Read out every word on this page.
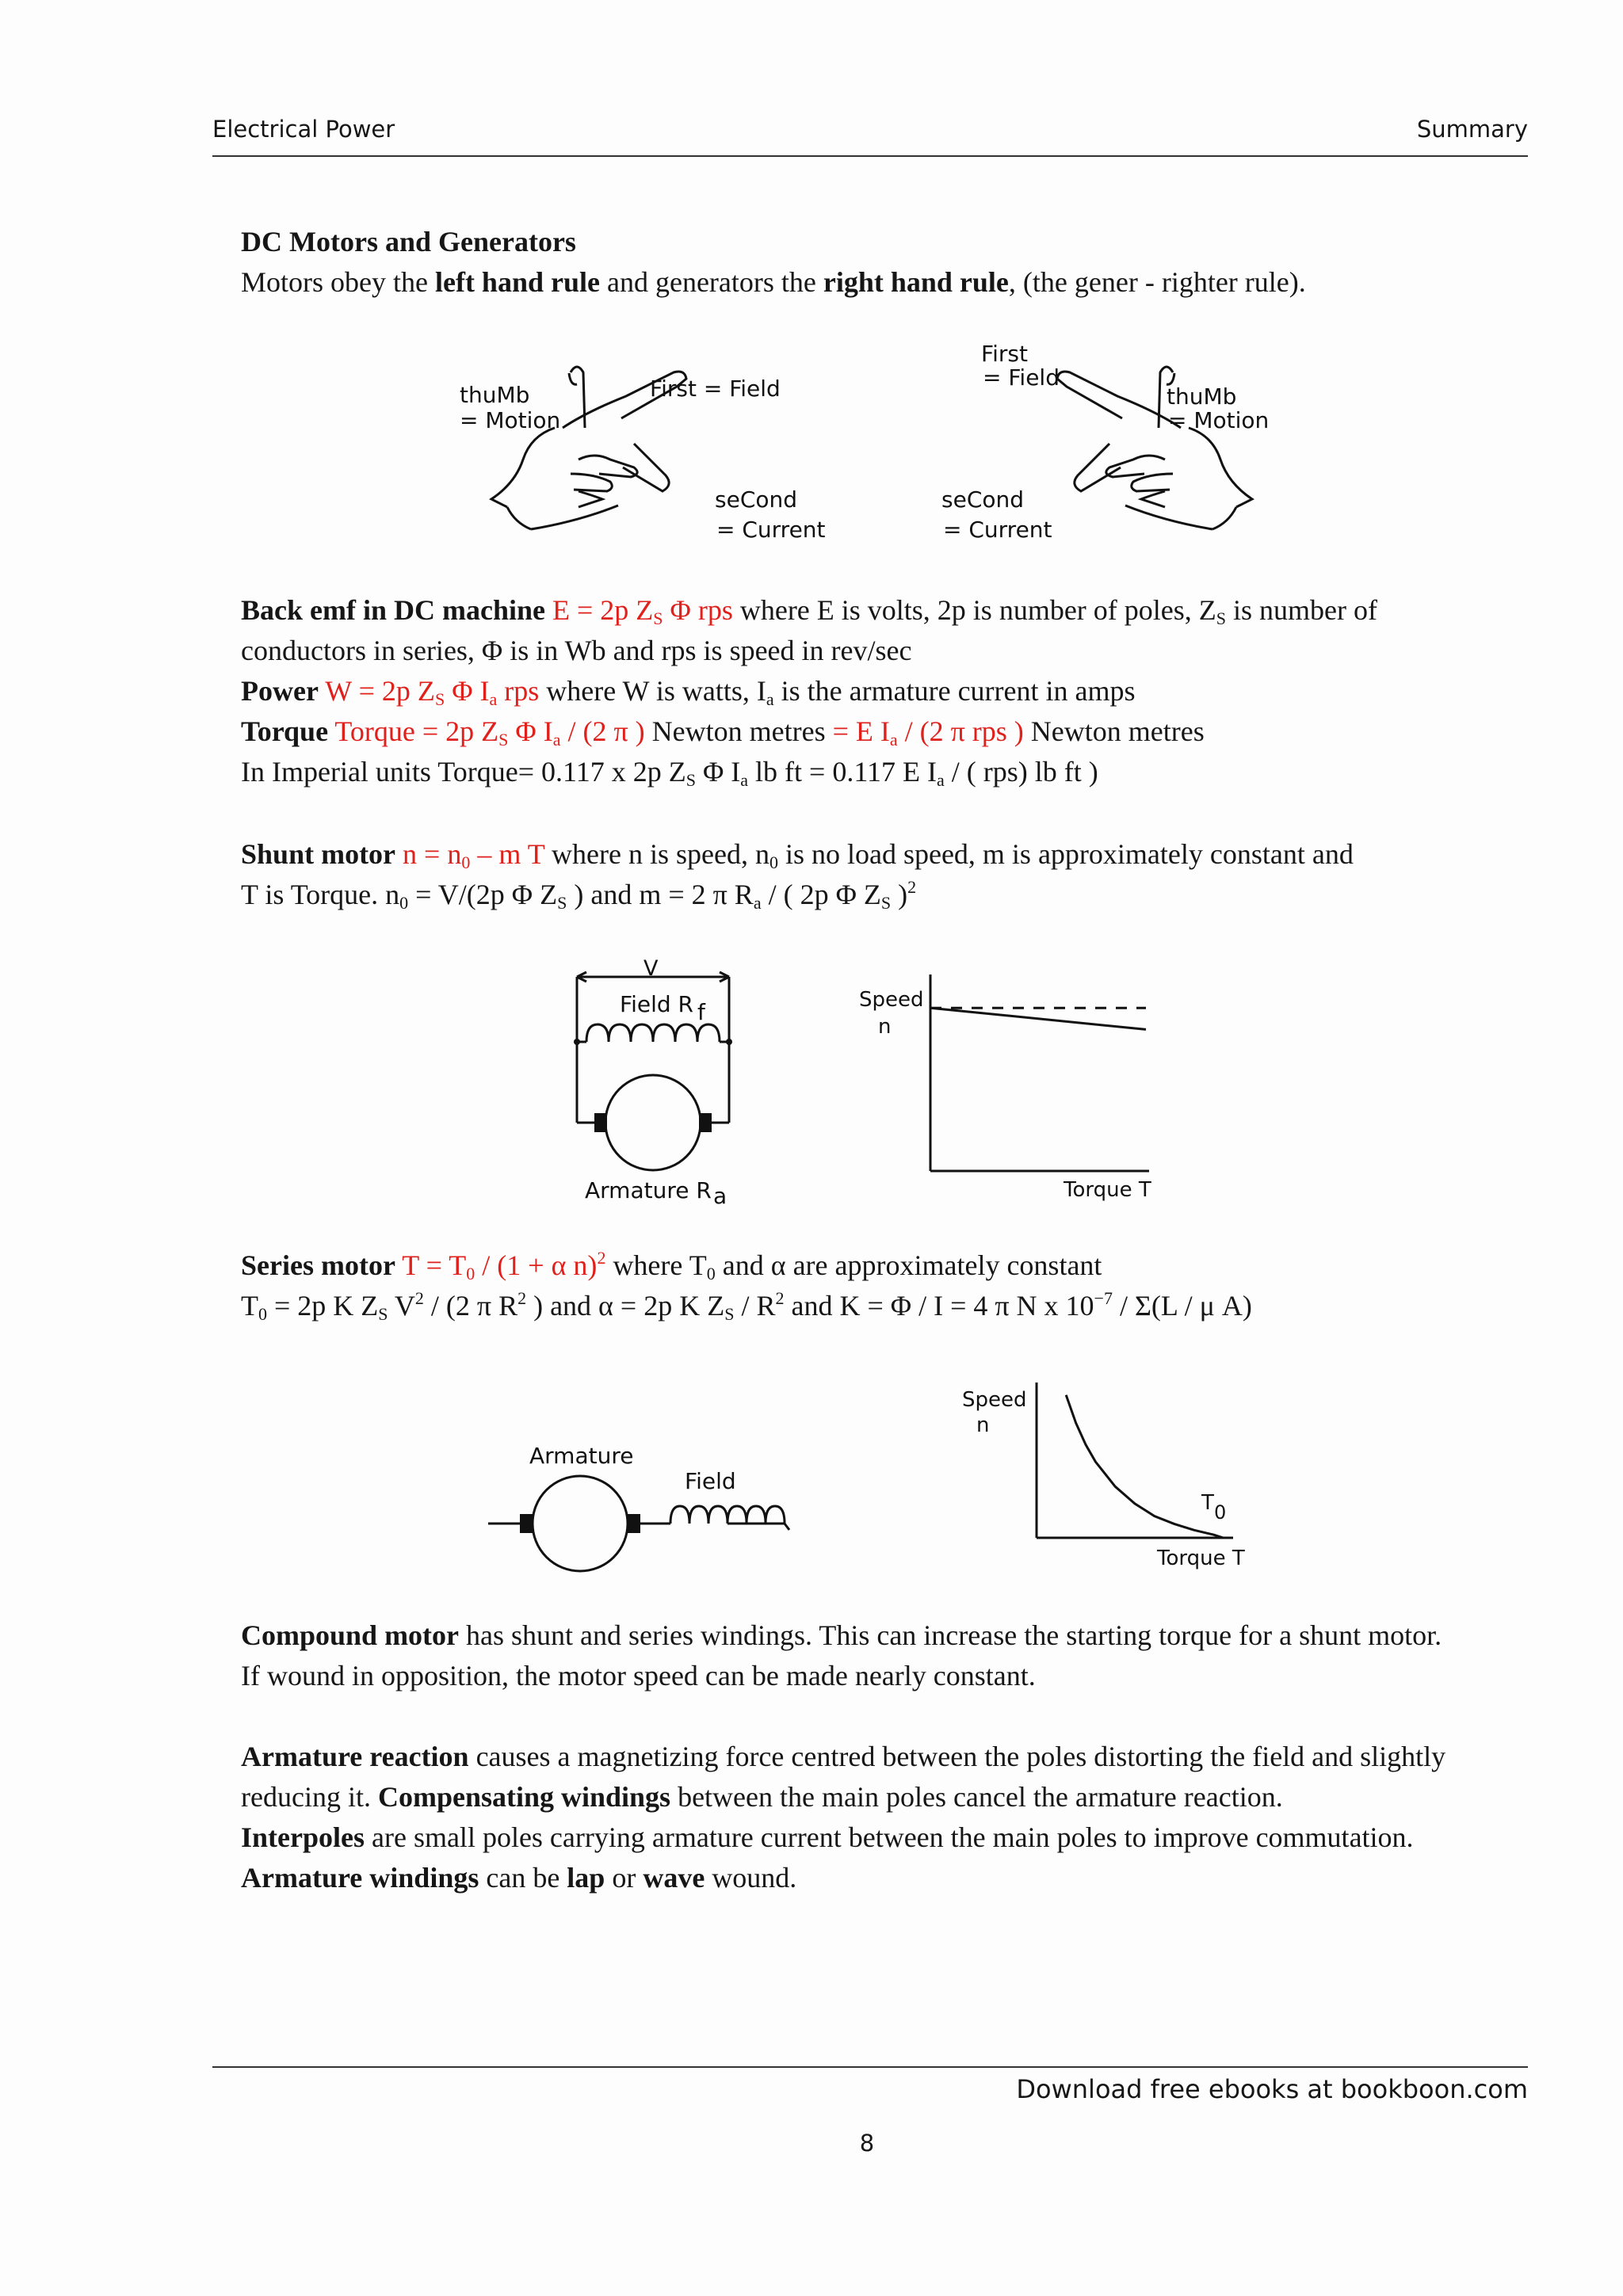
Electrical Power	Summary

DC Motors and Generators

Motors obey the left hand rule and generators the right hand rule, (the gener - righter rule).

thuMb
= Motion
First = Field
seCond
= Current
First
= Field
thuMb
= Motion
seCond
= Current

Back emf in DC machine E = 2p $Z_S$ Φ rps where E is volts, 2p is number of poles, $Z_S$ is number of

conductors in series, Φ is in Wb and rps is speed in rev/sec

Power W = 2p $Z_S$ Φ $I_a$ rps where W is watts, $I_a$ is the armature current in amps

Torque Torque = 2p $Z_S$ Φ $I_a / (2$ π ) Newton metres = E $I_a / (2$ π rps ) Newton metres

In Imperial units Torque= 0.117 x 2p $Z_S$ Φ $I_a$ lb ft = 0.117 E $I_a$ / ( rps) lb ft )

Shunt motor $n = n_0 - m$ T where n is speed, $n_0$ is no load speed, m is approximately constant and

T is Torque. $n_0 = V/(2p$ Φ $Z_S$ ) and m = 2 π $R_a$ / ( 2p Φ $Z_S$ )$^2$

V
Field R f
Armature R a
Speed
n
Torque T

Series motor $T = T_0 / (1 + \alpha$ n)$^2$ where $T_0$ and α are approximately constant

$T_0 = 2p$ K $Z_S$ $V^2 / (2$ π $R^2$ ) and α = 2p K $Z_S / R^2$ and K = Φ / I = 4 π N x $10^{-7} / \Sigma(L$ / μ A)

Armature
Field
Speed
n
T 0
Torque T

Compound motor has shunt and series windings. This can increase the starting torque for a shunt motor.

If wound in opposition, the motor speed can be made nearly constant.

Armature reaction causes a magnetizing force centred between the poles distorting the field and slightly

reducing it. Compensating windings between the main poles cancel the armature reaction.

Interpoles are small poles carrying armature current between the main poles to improve commutation.

Armature windings can be lap or wave wound.

Download free ebooks at bookboon.com
8
